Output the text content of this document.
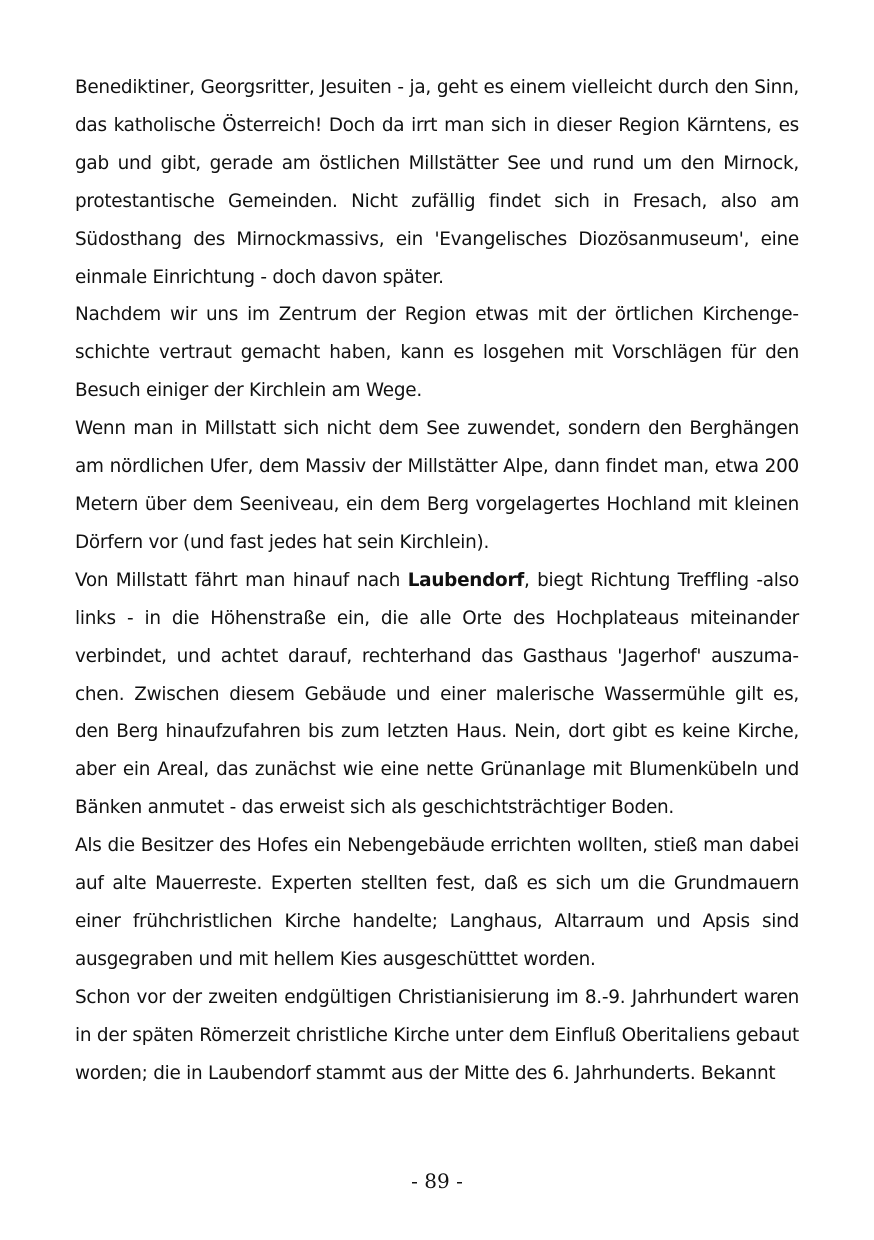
Benediktiner, Georgsritter, Jesuiten - ja, geht es einem vielleicht durch den Sinn, das katholische Österreich! Doch da irrt man sich in dieser Region Kärntens, es gab und gibt, gerade am östlichen Millstätter See und rund um den Mirnock, protestantische Gemeinden. Nicht zufällig findet sich in Fresach, also am Südosthang des Mirnockmassivs, ein 'Evangelisches Diozösanmuseum', eine einmale Einrichtung - doch davon später.

Nachdem wir uns im Zentrum der Region etwas mit der örtlichen Kirchengeschichte vertraut gemacht haben, kann es losgehen mit Vorschlägen für den Besuch einiger der Kirchlein am Wege.

Wenn man in Millstatt sich nicht dem See zuwendet, sondern den Berghängen am nördlichen Ufer, dem Massiv der Millstätter Alpe, dann findet man, etwa 200 Metern über dem Seeniveau, ein dem Berg vorgelagertes Hochland mit kleinen Dörfern vor (und fast jedes hat sein Kirchlein).

Von Millstatt fährt man hinauf nach Laubendorf, biegt Richtung Treffling -also links - in die Höhenstraße ein, die alle Orte des Hochplateaus miteinander verbindet, und achtet darauf, rechterhand das Gasthaus 'Jagerhof' auszumachen. Zwischen diesem Gebäude und einer malerische Wassermühle gilt es, den Berg hinaufzufahren bis zum letzten Haus. Nein, dort gibt es keine Kirche, aber ein Areal, das zunächst wie eine nette Grünanlage mit Blumenkübeln und Bänken anmutet - das erweist sich als geschichtsträchtiger Boden.

Als die Besitzer des Hofes ein Nebengebäude errichten wollten, stieß man dabei auf alte Mauerreste. Experten stellten fest, daß es sich um die Grundmauern einer frühchristlichen Kirche handelte; Langhaus, Altarraum und Apsis sind ausgegraben und mit hellem Kies ausgeschütttet worden.

Schon vor der zweiten endgültigen Christianisierung im 8.-9. Jahrhundert waren in der späten Römerzeit christliche Kirche unter dem Einfluß Oberitaliens gebaut worden; die in Laubendorf stammt aus der Mitte des 6. Jahrhunderts. Bekannt

- 89 -
